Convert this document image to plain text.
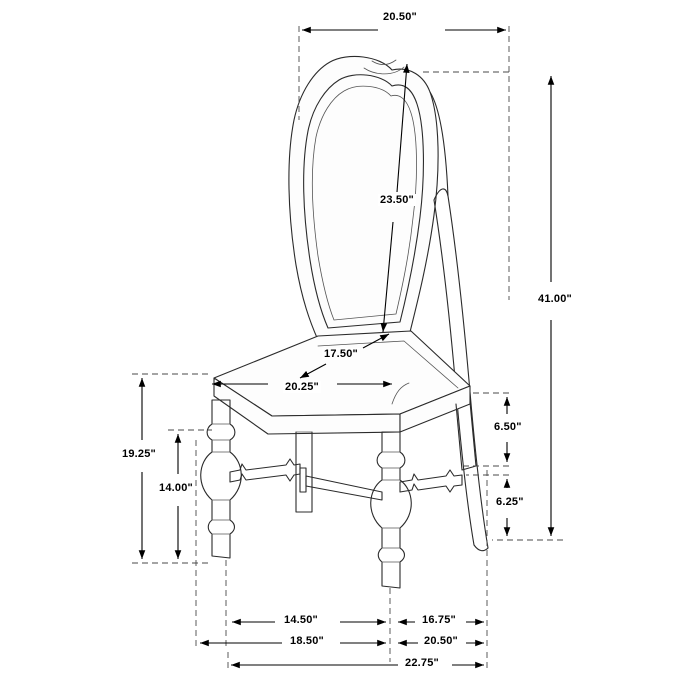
20.50"
23.50"
41.00"
17.50"
20.25"
6.50"
6.25"
19.25"
14.00"
14.50"	16.75"
18.50"	20.50"
22.75"
